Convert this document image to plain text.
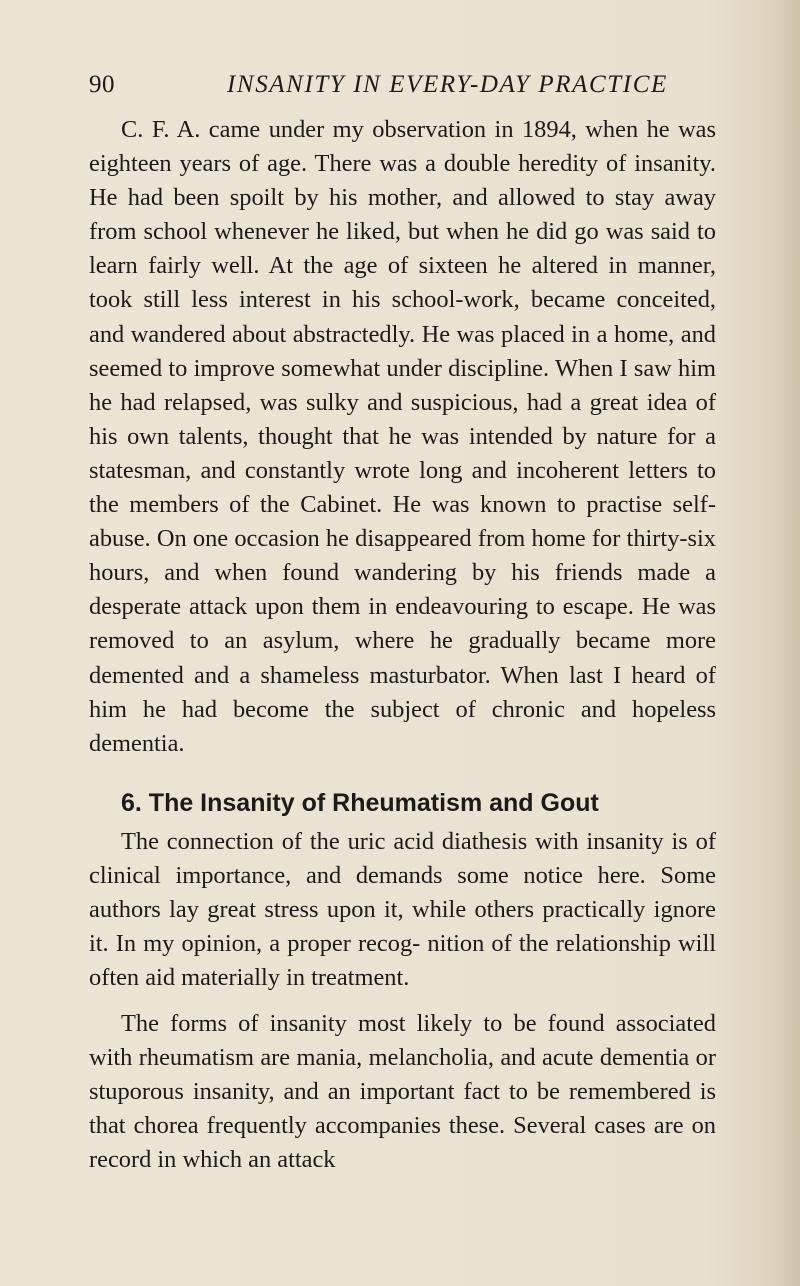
90	INSANITY IN EVERY-DAY PRACTICE

C. F. A. came under my observation in 1894, when he was eighteen years of age. There was a double heredity of insanity. He had been spoilt by his mother, and allowed to stay away from school whenever he liked, but when he did go was said to learn fairly well. At the age of sixteen he altered in manner, took still less interest in his school-work, became conceited, and wandered about abstractedly. He was placed in a home, and seemed to improve somewhat under discipline. When I saw him he had relapsed, was sulky and suspicious, had a great idea of his own talents, thought that he was intended by nature for a statesman, and constantly wrote long and incoherent letters to the members of the Cabinet. He was known to practise self-abuse. On one occasion he disappeared from home for thirty-six hours, and when found wandering by his friends made a desperate attack upon them in endeavouring to escape. He was removed to an asylum, where he gradually became more demented and a shameless masturbator. When last I heard of him he had become the subject of chronic and hopeless dementia.

6. The Insanity of Rheumatism and Gout

The connection of the uric acid diathesis with insanity is of clinical importance, and demands some notice here. Some authors lay great stress upon it, while others practically ignore it. In my opinion, a proper recog- nition of the relationship will often aid materially in treatment.

The forms of insanity most likely to be found associated with rheumatism are mania, melancholia, and acute dementia or stuporous insanity, and an important fact to be remembered is that chorea frequently accompanies these. Several cases are on record in which an attack
